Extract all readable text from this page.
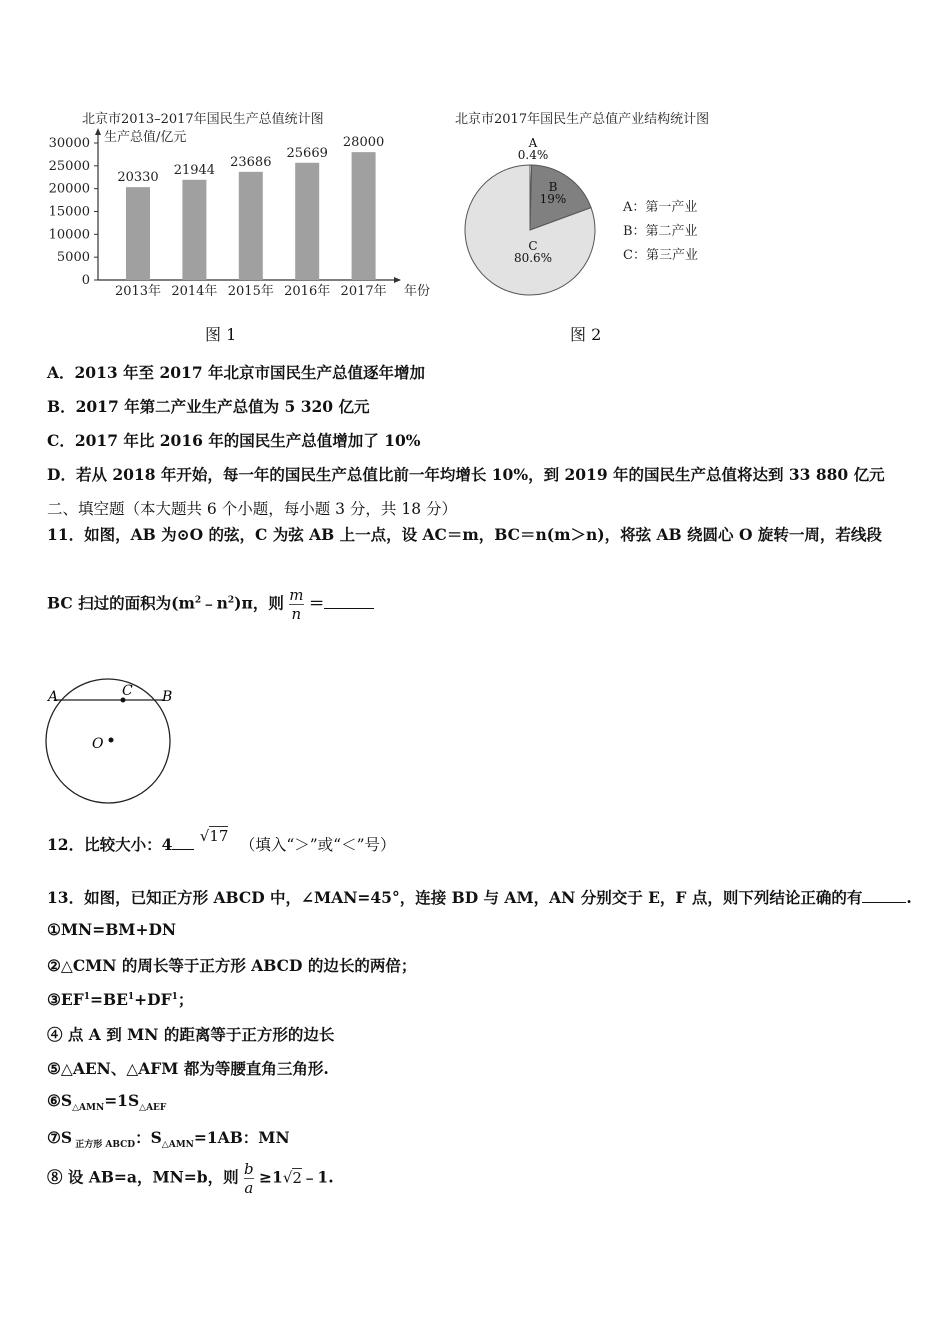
北京市2013–2017年国民生产总值统计图
生产总值/亿元
年份
30000
25000
20000
15000
10000
5000
0
20330
2013年
21944
2014年
23686
2015年
25669
2016年
28000
2017年
图 1
北京市2017年国民生产总值产业结构统计图
A
0.4%
B
19%
C
80.6%
A：第一产业
B：第二产业
C：第三产业
图 2
A．2013 年至 2017 年北京市国民生产总值逐年增加
B．2017 年第二产业生产总值为 5 320 亿元
C．2017 年比 2016 年的国民生产总值增加了 10%
D．若从 2018 年开始，每一年的国民生产总值比前一年均增长 10%，到 2019 年的国民生产总值将达到 33 880 亿元
二、填空题（本大题共 6 个小题，每小题 3 分，共 18 分）
11．如图，AB 为⊙O 的弦，C 为弦 AB 上一点，设 AC＝m，BC＝n(m＞n)，将弦 AB 绕圆心 O 旋转一周，若线段
BC 扫过的面积为$(m^2﹣n^2)\pi$，则 $\frac{m}{n}$ ＝
A	B
C
O
12．比较大小：4 √17 （填入“＞”或“＜”号）
13．如图，已知正方形 ABCD 中，∠MAN=45°，连接 BD 与 AM，AN 分别交于 E，F 点，则下列结论正确的有	.
①MN=BM+DN
②△CMN 的周长等于正方形 ABCD 的边长的两倍；
$③EF^1=BE^1+DF^1$；
④ 点 A 到 MN 的距离等于正方形的边长
⑤△AEN、△AFM 都为等腰直角三角形.
$⑥S_{\triangle AMN}=1S_{\triangle AEF}$
⑦S $_{正方形 ABCD}$：$S_{\triangle AMN}=1AB$：MN
⑧ 设 AB=a，MN=b，则 $\frac{b}{a}$ ≥1√2﹣1.
